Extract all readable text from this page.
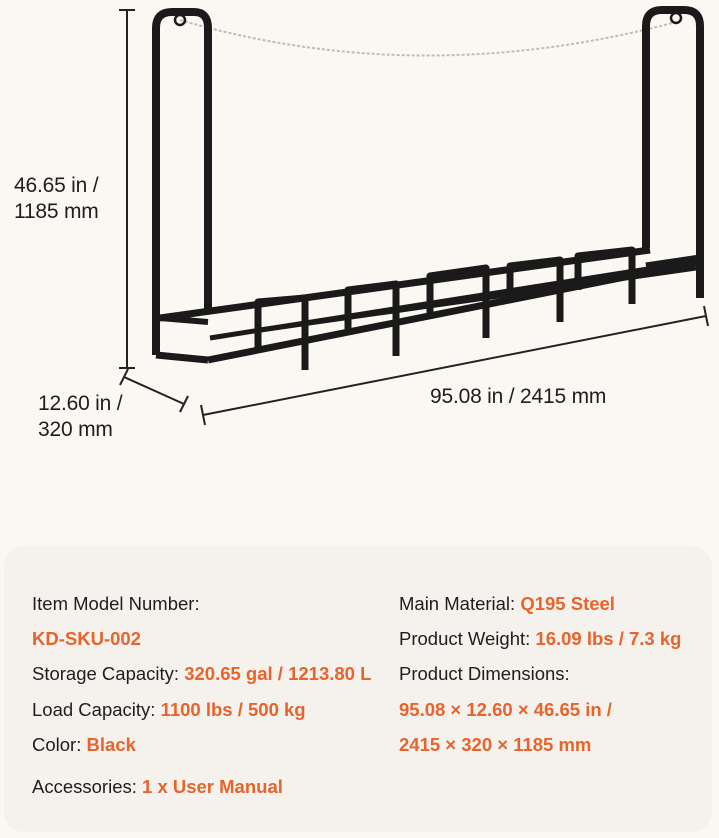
46.65 in /
1185 mm
12.60 in /
320 mm
95.08 in / 2415 mm
Item Model Number:
KD-SKU-002
Storage Capacity: 320.65 gal / 1213.80 L
Load Capacity: 1100 lbs / 500 kg
Color: Black
Accessories: 1 x User Manual
Main Material: Q195 Steel
Product Weight: 16.09 lbs / 7.3 kg
Product Dimensions:
95.08 × 12.60 × 46.65 in /
2415 × 320 × 1185 mm
